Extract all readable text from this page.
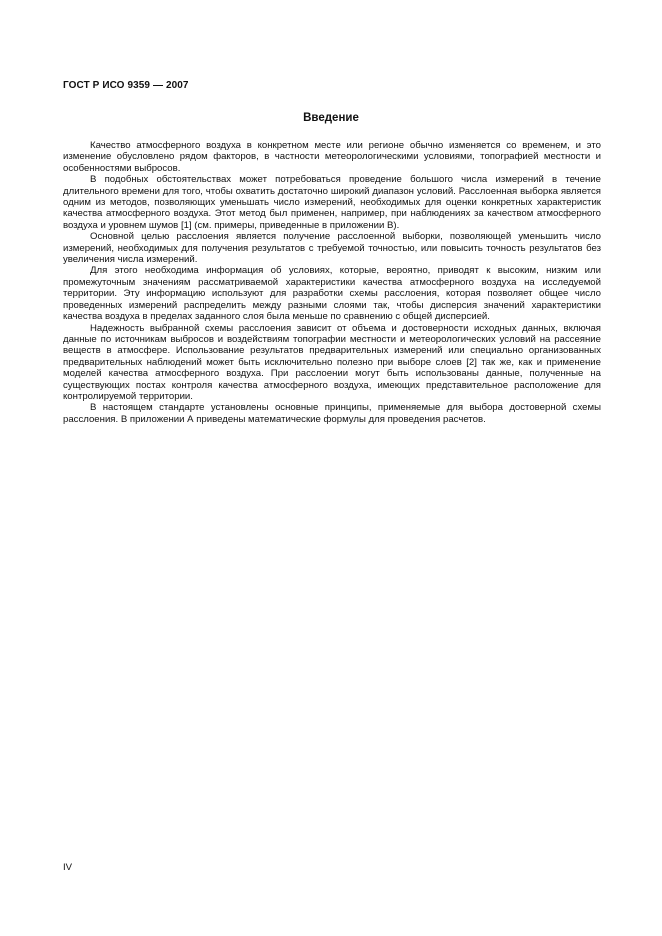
ГОСТ Р ИСО 9359 — 2007
Введение

Качество атмосферного воздуха в конкретном месте или регионе обычно изменяется со временем, и это изменение обусловлено рядом факторов, в частности метеорологическими условиями, топографией местности и особенностями выбросов.

В подобных обстоятельствах может потребоваться проведение большого числа измерений в течение длительного времени для того, чтобы охватить достаточно широкий диапазон условий. Расслоенная выборка является одним из методов, позволяющих уменьшать число измерений, необходимых для оценки конкретных характеристик качества атмосферного воздуха. Этот метод был применен, например, при наблюдениях за качеством атмосферного воздуха и уровнем шумов [1] (см. примеры, приведенные в приложении В).

Основной целью расслоения является получение расслоенной выборки, позволяющей уменьшить число измерений, необходимых для получения результатов с требуемой точностью, или повысить точность результатов без увеличения числа измерений.

Для этого необходима информация об условиях, которые, вероятно, приводят к высоким, низким или промежуточным значениям рассматриваемой характеристики качества атмосферного воздуха на исследуемой территории. Эту информацию используют для разработки схемы расслоения, которая позволяет общее число проведенных измерений распределить между разными слоями так, чтобы дисперсия значений характеристики качества воздуха в пределах заданного слоя была меньше по сравнению с общей дисперсией.

Надежность выбранной схемы расслоения зависит от объема и достоверности исходных данных, включая данные по источникам выбросов и воздействиям топографии местности и метеорологических условий на рассеяние веществ в атмосфере. Использование результатов предварительных измерений или специально организованных предварительных наблюдений может быть исключительно полезно при выборе слоев [2] так же, как и применение моделей качества атмосферного воздуха. При расслоении могут быть использованы данные, полученные на существующих постах контроля качества атмосферного воздуха, имеющих представительное расположение для контролируемой территории.

В настоящем стандарте установлены основные принципы, применяемые для выбора достоверной схемы расслоения. В приложении А приведены математические формулы для проведения расчетов.

IV
